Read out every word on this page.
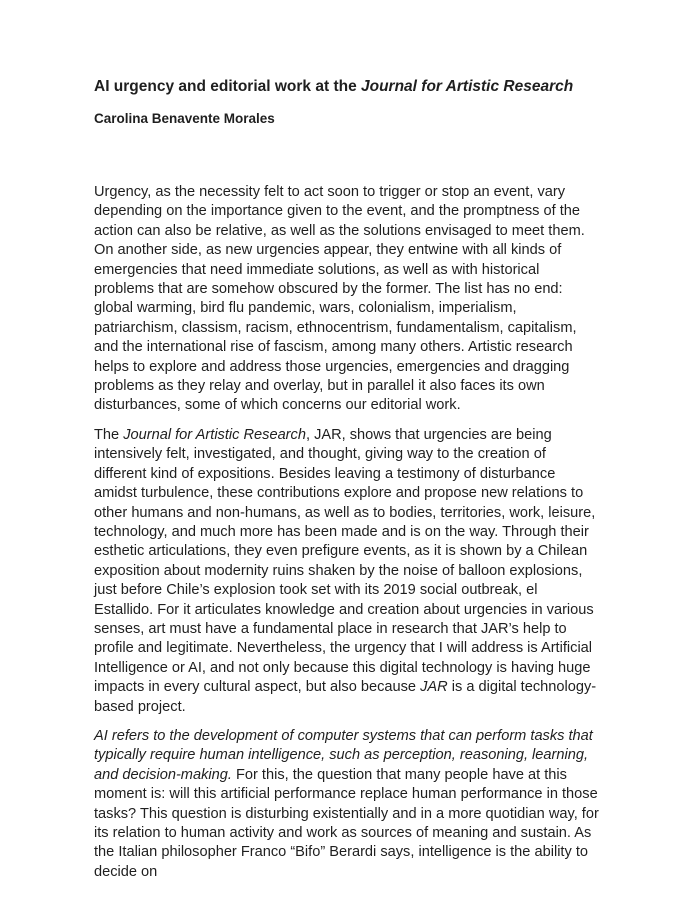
AI urgency and editorial work at the Journal for Artistic Research
Carolina Benavente Morales

Urgency, as the necessity felt to act soon to trigger or stop an event, vary depending on the importance given to the event, and the promptness of the action can also be relative, as well as the solutions envisaged to meet them. On another side, as new urgencies appear, they entwine with all kinds of emergencies that need immediate solutions, as well as with historical problems that are somehow obscured by the former. The list has no end: global warming, bird flu pandemic, wars, colonialism, imperialism, patriarchism, classism, racism, ethnocentrism, fundamentalism, capitalism, and the international rise of fascism, among many others. Artistic research helps to explore and address those urgencies, emergencies and dragging problems as they relay and overlay, but in parallel it also faces its own disturbances, some of which concerns our editorial work.

The Journal for Artistic Research, JAR, shows that urgencies are being intensively felt, investigated, and thought, giving way to the creation of different kind of expositions. Besides leaving a testimony of disturbance amidst turbulence, these contributions explore and propose new relations to other humans and non-humans, as well as to bodies, territories, work, leisure, technology, and much more has been made and is on the way. Through their esthetic articulations, they even prefigure events, as it is shown by a Chilean exposition about modernity ruins shaken by the noise of balloon explosions, just before Chile’s explosion took set with its 2019 social outbreak, el Estallido. For it articulates knowledge and creation about urgencies in various senses, art must have a fundamental place in research that JAR’s help to profile and legitimate. Nevertheless, the urgency that I will address is Artificial Intelligence or AI, and not only because this digital technology is having huge impacts in every cultural aspect, but also because JAR is a digital technology-based project.

AI refers to the development of computer systems that can perform tasks that typically require human intelligence, such as perception, reasoning, learning, and decision-making. For this, the question that many people have at this moment is: will this artificial performance replace human performance in those tasks? This question is disturbing existentially and in a more quotidian way, for its relation to human activity and work as sources of meaning and sustain. As the Italian philosopher Franco “Bifo” Berardi says, intelligence is the ability to decide on
